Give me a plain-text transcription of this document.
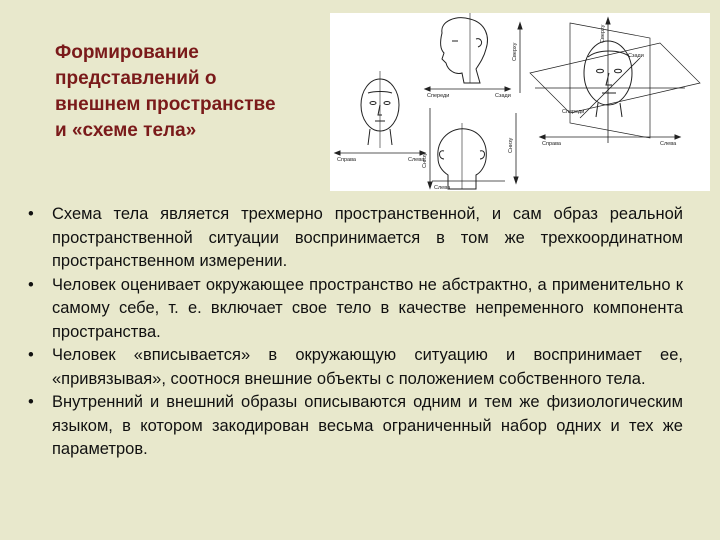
Формирование
представлений о
внешнем пространстве
и «схеме тела»
Спереди	Сзади
Сверху
Справа	Слева
Снизу
Слева
Снизу	Справа	Слева
Спереди
Сзади
Сверху
•	Схема тела является трехмерно пространственной, и сам образ реальной пространственной ситуации воспринимается в том же трехкоординатном пространственном измерении.
•	Человек оценивает окружающее пространство не абстрактно, а применительно к самому себе, т. е. включает свое тело в качестве непременного компонента пространства.
•	Человек «вписывается» в окружающую ситуацию и воспринимает ее, «привязывая», соотнося внешние объекты с положением собственного тела.
•	Внутренний и внешний образы описываются одним и тем же физиологическим языком, в котором закодирован весьма ограниченный набор одних и тех же параметров.
